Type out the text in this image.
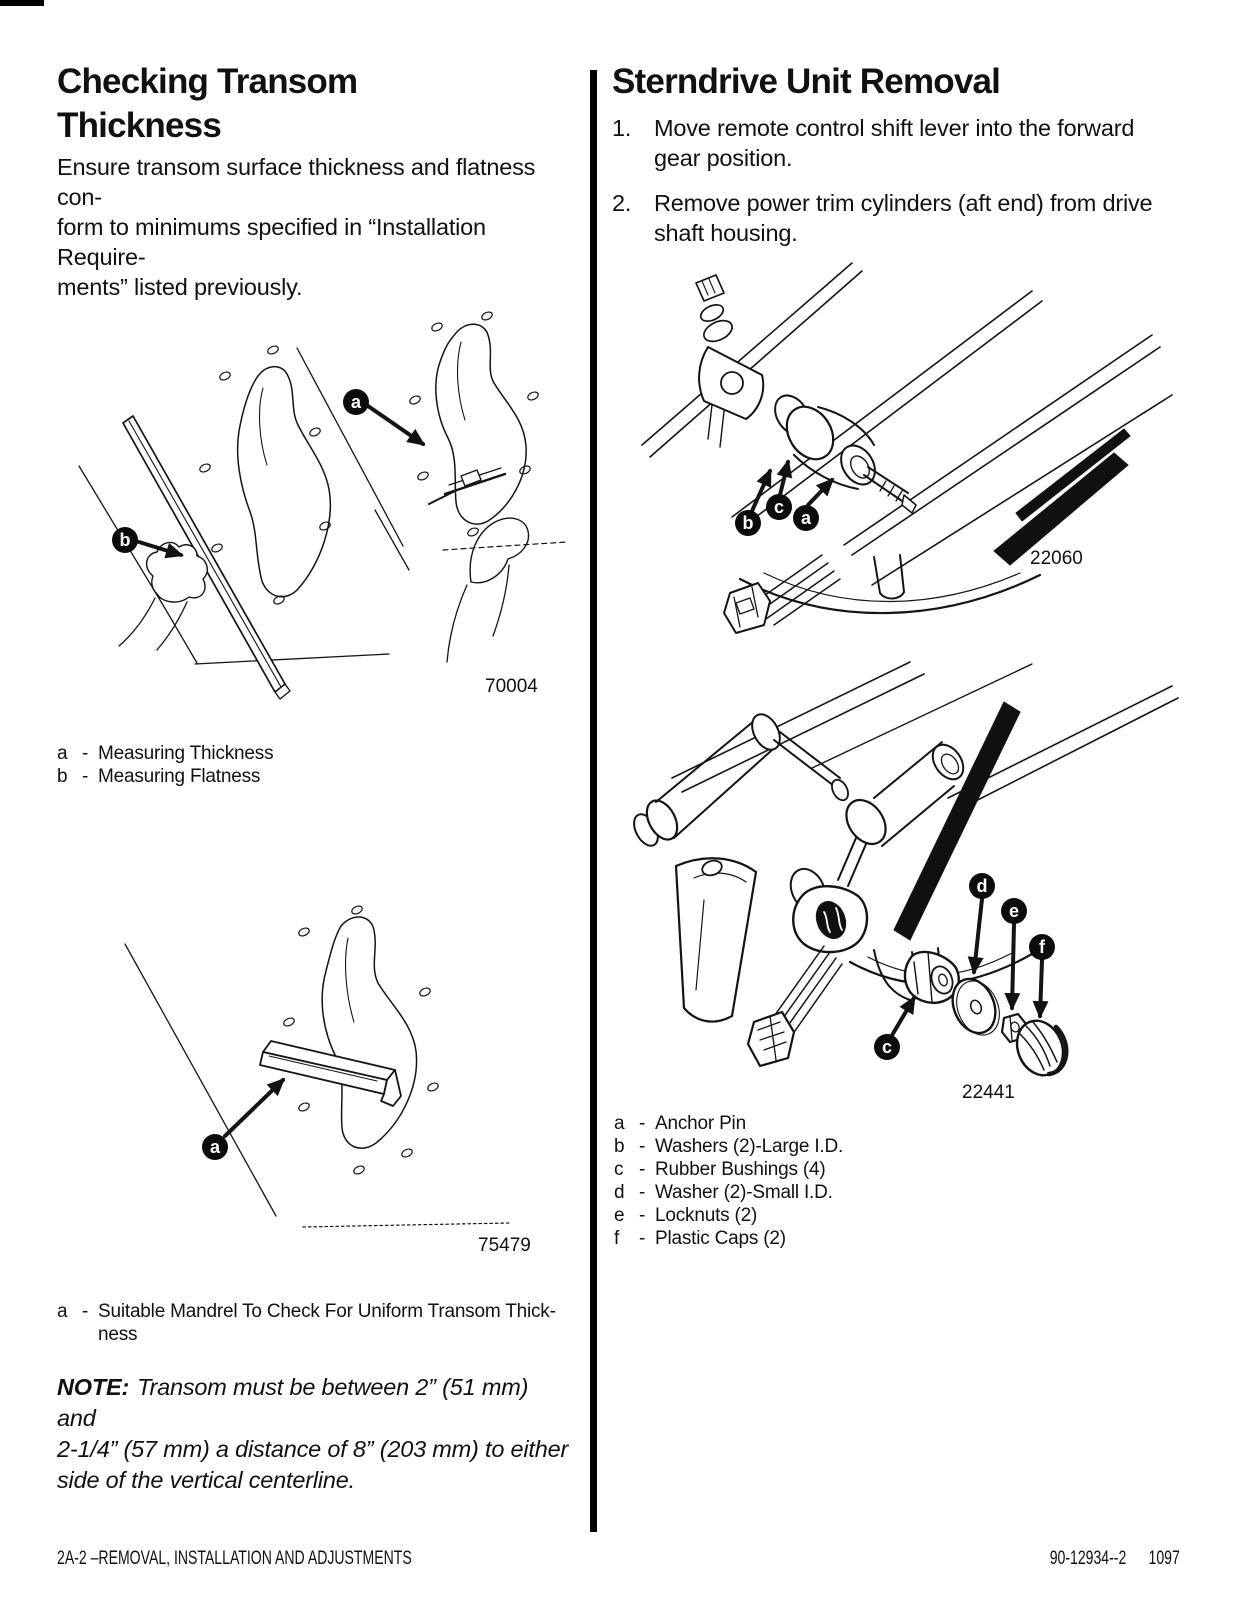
Checking Transom
Thickness
Ensure transom surface thickness and flatness con-
form to minimums specified in “Installation Require-
ments” listed previously.
a
b
70004
a - Measuring Thickness
b - Measuring Flatness
a
75479
a - Suitable Mandrel To Check For Uniform Transom Thick-
ness
NOTE: Transom must be between 2” (51 mm) and
2-1/4” (57 mm) a distance of 8” (203 mm) to either
side of the vertical centerline.
Sterndrive Unit Removal
1. Move remote control shift lever into the forward
gear position.
2. Remove power trim cylinders (aft end) from drive
shaft housing.
b
c
a
22060
c
d
e
f
22441
a - Anchor Pin
b - Washers (2)-Large I.D.
c - Rubber Bushings (4)
d - Washer (2)-Small I.D.
e - Locknuts (2)
f	- Plastic Caps (2)
2A-2 –REMOVAL, INSTALLATION AND ADJUSTMENTS	90-12934--2 1097
